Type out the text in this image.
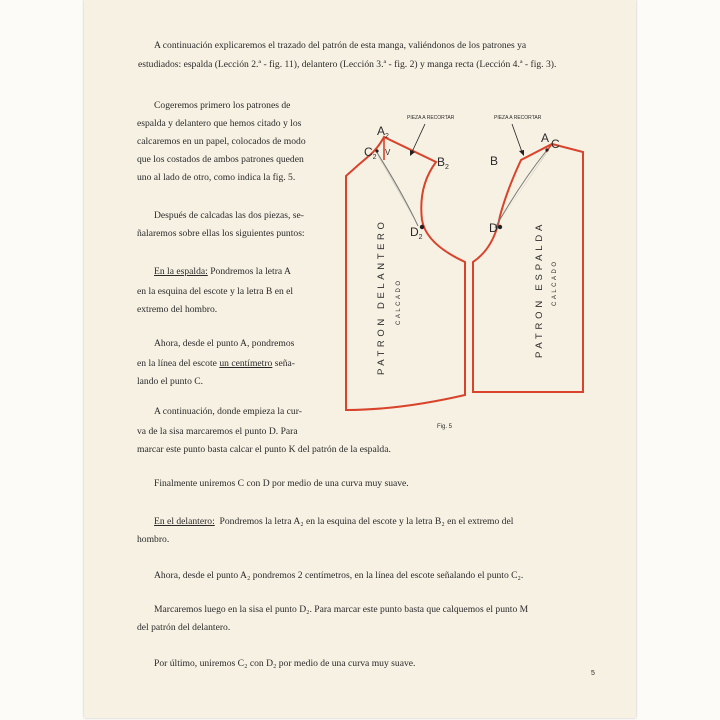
A continuación explicaremos el trazado del patrón de esta manga, valiéndonos de los patrones ya

estudiados: espalda (Lección 2.ª - fig. 11), delantero (Lección 3.ª - fig. 2) y manga recta (Lección 4.ª - fig. 3).

Cogeremos primero los patrones de

espalda y delantero que hemos citado y los

calcaremos en un papel, colocados de modo

que los costados de ambos patrones queden

uno al lado de otro, como indica la fig. 5.

Después de calcadas las dos piezas, se-

ñalaremos sobre ellas los siguientes puntos:

En la espalda: Pondremos la letra A

en la esquina del escote y la letra B en el

extremo del hombro.

Ahora, desde el punto A, pondremos

en la línea del escote un centímetro seña-

lando el punto C.

A continuación, donde empieza la cur-

va de la sisa marcaremos el punto D. Para

marcar este punto basta calcar el punto K del patrón de la espalda.

Finalmente uniremos C con D por medio de una curva muy suave.

En el delantero: Pondremos la letra A₂ en la esquina del escote y la letra B₂ en el extremo del

hombro.

Ahora, desde el punto A₂ pondremos 2 centímetros, en la línea del escote señalando el punto C₂.

Marcaremos luego en la sisa el punto D₂. Para marcar este punto basta que calquemos el punto M

del patrón del delantero.

Por último, uniremos C₂ con D₂ por medio de una curva muy suave.

5
PIEZA A RECORTAR	PIEZA A RECORTAR
$A_2$
$C_2$
V
$B_2$
$D_2$
A C
B
D
PATRON DELANTERO CALCADO	PATRON ESPALDA CALCADO
Fig. 5
